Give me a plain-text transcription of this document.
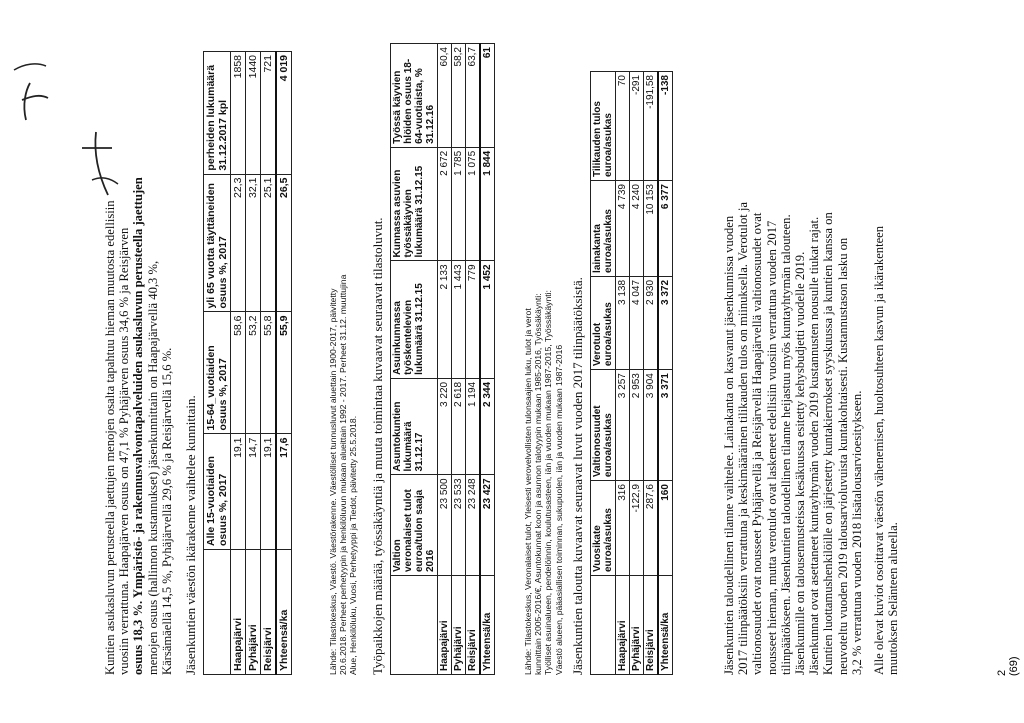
Kuntien asukasluvun perusteella jaettujen menojen osalta tapahtuu hieman muutosta edellisiin vuosiin verrattuna. Haapajärven osuus on 47,1 % Pyhäjärven osuus 34,6 % ja Reisjärven osuus 18,3 %. Ympäristö- ja rakennusvalvontapalveluiden asukasluvun perusteella jaettujen menojen osuus (hallinnon kustannukset) jäsenkunnittain on Haapajärvellä 40,3 %, Kärsämäellä 14,5 %, Pyhäjärvellä 29,6 % ja Reisjärvellä 15,6 %. Jäsenkuntien väestön ikärakenne vaihtelee kunnittain.

	Alle 15-vuotiaiden osuus %, 2017	15-64_vuotiaiden osuus %, 2017	yli 65 vuotta täyttäneiden osuus %, 2017	perheiden lukumäärä 31.12.2017 kpl
Haapajärvi	19,1	58,6	22,3	1858
Pyhäjärvi	14,7	53,2	32,1	1440
Reisjärvi	19,1	55,8	25,1	721
Yhteensä/ka	17,6	55,9	26,5	4 019

Lähde: Tilastokeskus, Väestö. Väestörakenne. Väestölliset tunnusluvut aluettain 1900-2017, päivitetty 20.6.2018. Perheet perhetyypin ja henkilöluvun mukaan alueittain 1992 - 2017. Perheet 31.12. muuttujina Alue, Henkilöluku, Vuosi, Perhetyyppi ja Tiedot, päivitetty 25.5.2018. Työpaikkojen määrää, työssäkäyntiä ja muuta toimintaa kuvaavat seuraavat tilastoluvut.

	Valtion veronalaiset tulot euroa/tulon saaja 2016	Asuntokuntien lukumäärä 31.12.17	Asuinkunnassa työskentelevien lukumäärä 31.12.15	Kunnassa asuvien työssäkäyvien lukumäärä 31.12.15	Työssä käyvien hlöiden osuus 18-64-vuotiaista, % 31.12.16
Haapajärvi	23 500	3 220	2 133	2 672	60,4
Pyhäjärvi	23 533	2 618	1 443	1 785	58,2
Reisjärvi	23 248	1 194	779	1 075	63,7
Yhteensä/ka	23 427	2 344	1 452	1 844	61

Lähde: Tilastokeskus, Veronalaiset tulot, Yleisesti verovelvollisten tulonsaajien luku, tulot ja verot kunnittain 2005-2016/€, Asuntokunnat koon ja asunnon talotyypin mukaan 1985-2016, Työssäkäynti: Työlliset asuinalueen, pendelöinnin, koulutusasteen, iän ja vuoden mukaan 1987-2015, Työssäkäynti: Väestö alueen, pääasiallisen toiminnan, sukupuolen, iän ja vuoden mukaan 1987-2016 Jäsenkuntien taloutta kuvaavat seuraavat luvut vuoden 2017 tilinpäätöksistä.

	Vuosikate euroa/asukas	Valtionosuudet euroa/asukas	Verotulot euroa/asukas	lainakanta euroa/asukas	Tilikauden tulos euroa/asukas
Haapajärvi	316	3 257	3 138	4 739	70
Pyhäjärvi	-122,9	2 953	4 047	4 240	-291
Reisjärvi	287,6	3 904	2 930	10 153	-191,58
Yhteensä/ka	160	3 371	3 372	6 377	-138

Jäsenkuntien taloudellinen tilanne vaihtelee. Lainakanta on kasvanut jäsenkunnissa vuoden 2017 tilinpäätöksiin verrattuna ja keskimääräinen tilikauden tulos on miinuksella. Verotulot ja valtionosuudet ovat nousseet Pyhäjärvellä ja Reisjärvellä Haapajärvellä valtionosuudet ovat nousseet hieman, mutta verotulot ovat laskeneet edellisiin vuosiin verrattuna vuoden 2017 tilinpäätökseen. Jäsenkuntien taloudellinen tilanne heijastuu myös kuntayhtymän talouteen. Jäsenkunnille on talousennusteissa kesäkuussa esitetty kehysbudjetti vuodelle 2019. Jäsenkunnat ovat asettaneet kuntayhtymän vuoden 2019 kustannusten nousulle tiukat rajat. Kuntien luottamushenkilöille on järjestetty kuntakierrokset syyskuussa ja kuntien kanssa on neuvoteltu vuoden 2019 talousarvioluvuista kuntakohtaisesti. Kustannustason lasku on 3,2 % verrattuna vuoden 2018 lisätalousarvioesitykseen. Alle olevat kuviot osoittavat väestön vähenemisen, huoltosuhteen kasvun ja ikärakenteen muutoksen Selänteen alueella.	2 (69)
